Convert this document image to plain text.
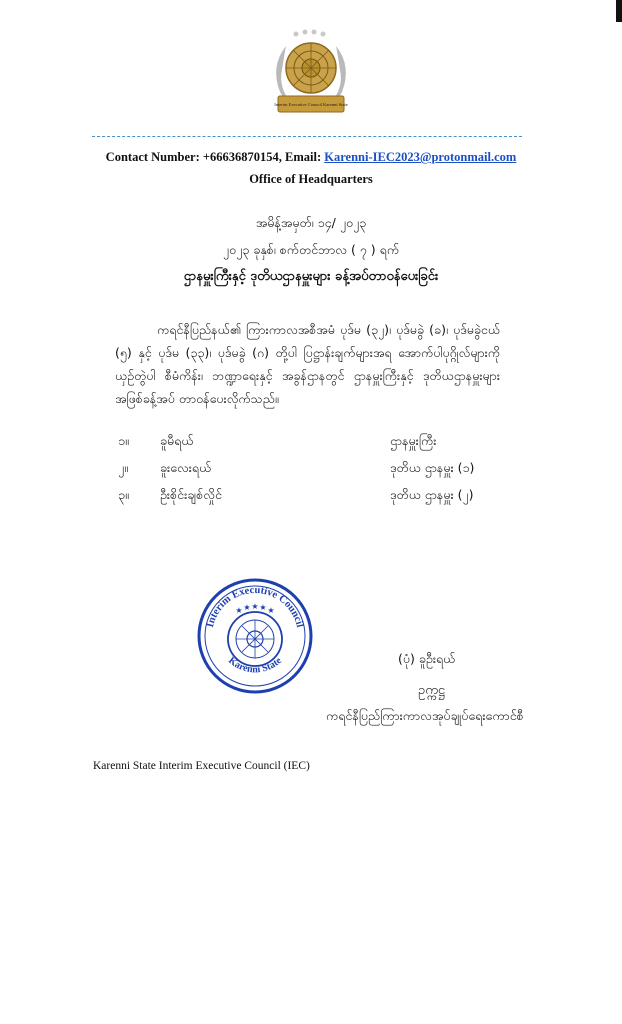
Interim Executive Council Karenni State
Contact Number: +66636870154, Email: Karenni-IEC2023@protonmail.com
Office of Headquarters
အမိန့်အမှတ်၊ ၁၄/ ၂၀၂၃
၂၀၂၃ ခုနှစ်၊ စက်တင်ဘာလ ( ၇ ) ရက်
ဌာနမှူးကြီးနှင့် ဒုတိယဌာနမှူးများ ခန့်အပ်တာဝန်ပေးခြင်း
ကရင်နီပြည်နယ်၏ ကြားကာလအစီအမံ ပုဒ်မ (၃၂)၊ ပုဒ်မခွဲ (ခ)၊ ပုဒ်မခွဲငယ် (၅) နှင့် ပုဒ်မ (၃၃)၊ ပုဒ်မခွဲ (ဂ) တို့ပါ ပြဋ္ဌာန်းချက်များအရ အောက်ပါပုဂ္ဂိုလ်များကို ယှဉ်တွဲပါ စီမံကိန်း၊ ဘဏ္ဍာရေးနှင့် အခွန်ဌာနတွင် ဌာနမှူးကြီးနှင့် ဒုတိယဌာနမှူးများအဖြစ်ခန့်အပ် တာဝန်ပေးလိုက်သည်။
၁။ ခူမီရယ်	ဌာနမှူးကြီး
၂။	ခူးလေးရယ်	ဒုတိယ ဌာနမှူး (၁)
၃။ ဦးစိုင်းချစ်လှိုင်	ဒုတိယ ဌာနမှူး (၂)
★ ★ ★ ★ ★
Interim Executive Council
Karenni State	(ပုံ) ခူဦးရယ်
ဥက္ကဋ္ဌ
ကရင်နီပြည်ကြားကာလအုပ်ချုပ်ရေးကောင်စီ
Karenni State Interim Executive Council (IEC)
